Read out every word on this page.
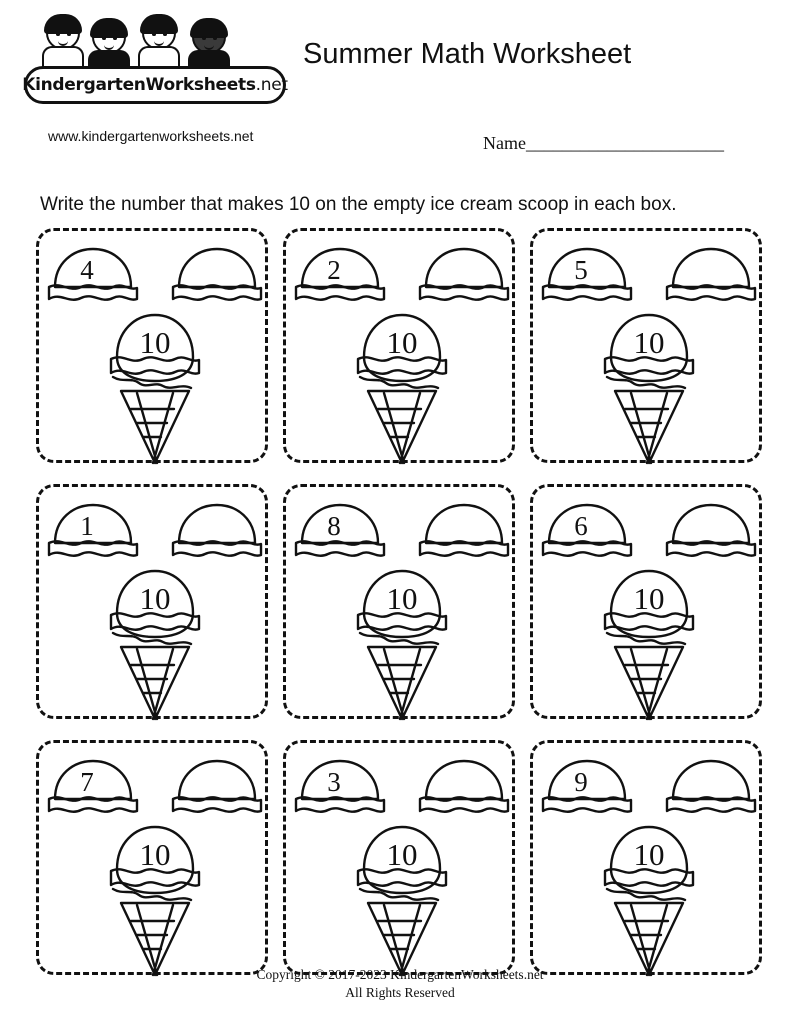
KindergartenWorksheets.net
www.kindergartenworksheets.net
Summer Math Worksheet
Name______________________
Write the number that makes 10 on the empty ice cream scoop in each box.
4
10
2
10
5
10
1
10
8
10
6
10
7
10
3
10
9
10
Copyright © 2017-2023 KindergartenWorksheets.net
All Rights Reserved
